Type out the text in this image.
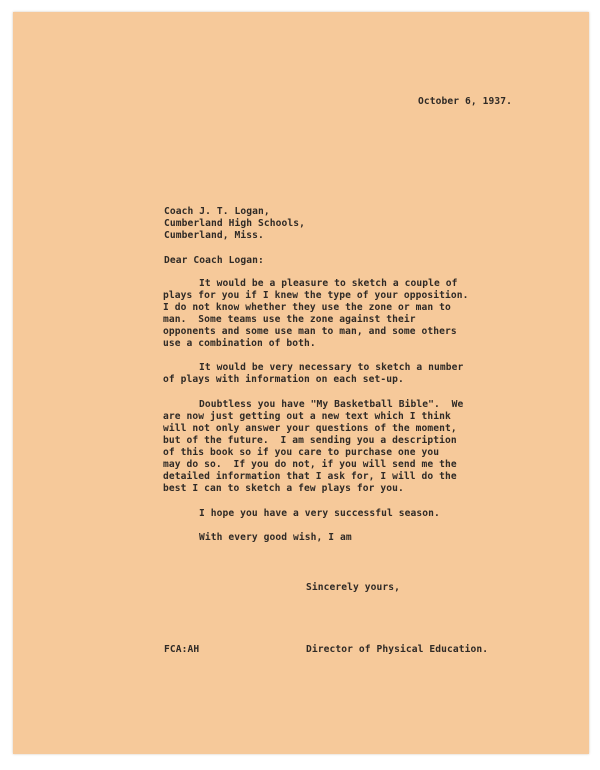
October 6, 1937.
Coach J. T. Logan,
Cumberland High Schools,
Cumberland, Miss.
Dear Coach Logan:
It would be a pleasure to sketch a couple of
plays for you if I knew the type of your opposition.
I do not know whether they use the zone or man to
man.  Some teams use the zone against their
opponents and some use man to man, and some others
use a combination of both.
It would be very necessary to sketch a number
of plays with information on each set-up.
Doubtless you have "My Basketball Bible".  We
are now just getting out a new text which I think
will not only answer your questions of the moment,
but of the future.  I am sending you a description
of this book so if you care to purchase one you
may do so.  If you do not, if you will send me the
detailed information that I ask for, I will do the
best I can to sketch a few plays for you.
I hope you have a very successful season.
With every good wish, I am
Sincerely yours,
FCA:AH	Director of Physical Education.
